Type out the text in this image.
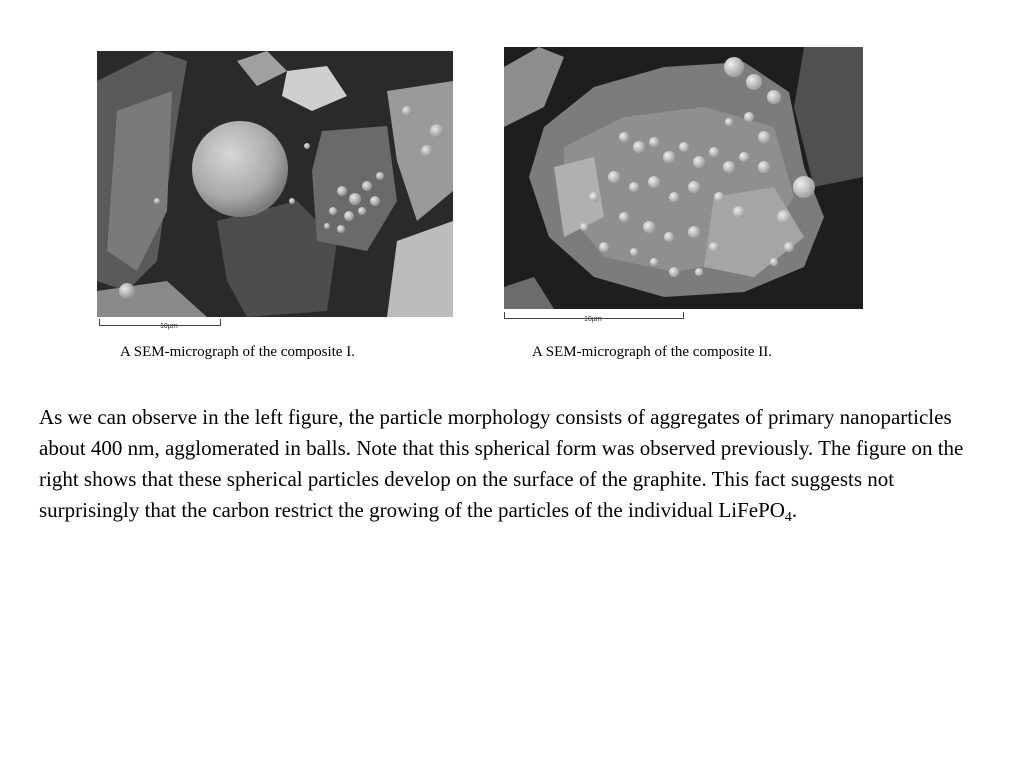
10µm
10µm
A SEM-micrograph of the composite I.	A SEM-micrograph of the composite II.

As we can observe in the left figure, the particle morphology consists of aggregates of primary nanoparticles about 400 nm, agglomerated in balls. Note that this spherical form was observed previously. The figure on the right shows that these spherical particles develop on the surface of the graphite. This fact suggests not surprisingly that the carbon restrict the growing of the particles of the individual LiFePO$_4$.
